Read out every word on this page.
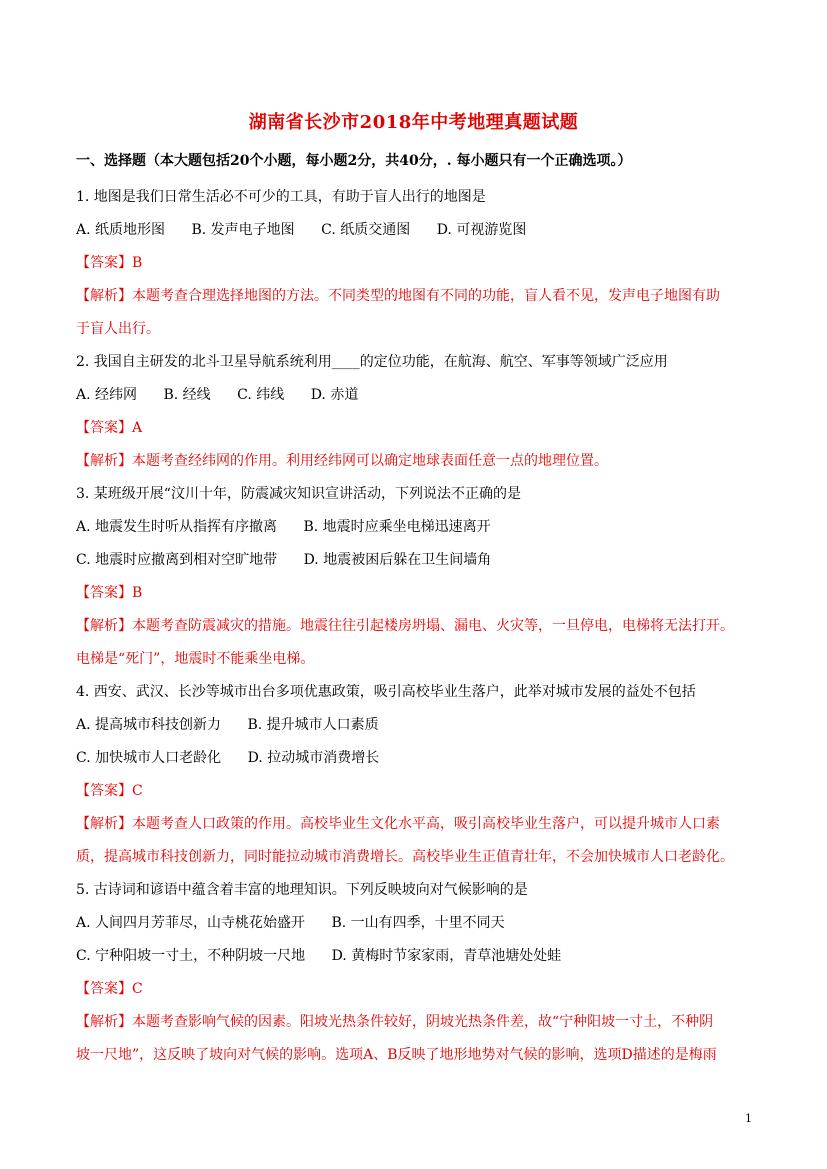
湖南省长沙市2018年中考地理真题试题
一、选择题（本大题包括20个小题，每小题2分，共40分，. 每小题只有一个正确选项。）
1. 地图是我们日常生活必不可少的工具，有助于盲人出行的地图是
A. 纸质地形图 B. 发声电子地图 C. 纸质交通图 D. 可视游览图
【答案】B
【解析】本题考查合理选择地图的方法。不同类型的地图有不同的功能，盲人看不见，发声电子地图有助
于盲人出行。
2. 我国自主研发的北斗卫星导航系统利用____的定位功能，在航海、航空、军事等领域广泛应用
A. 经纬网 B. 经线 C. 纬线 D. 赤道
【答案】A
【解析】本题考查经纬网的作用。利用经纬网可以确定地球表面任意一点的地理位置。
3. 某班级开展“汶川十年，防震减灾知识宣讲活动，下列说法不正确的是
A. 地震发生时听从指挥有序撤离 B. 地震时应乘坐电梯迅速离开
C. 地震时应撤离到相对空旷地带 D. 地震被困后躲在卫生间墙角
【答案】B
【解析】本题考查防震减灾的措施。地震往往引起楼房坍塌、漏电、火灾等，一旦停电，电梯将无法打开。
电梯是“死门”，地震时不能乘坐电梯。
4. 西安、武汉、长沙等城市出台多项优惠政策，吸引高校毕业生落户，此举对城市发展的益处不包括
A. 提高城市科技创新力 B. 提升城市人口素质
C. 加快城市人口老龄化 D. 拉动城市消费增长
【答案】C
【解析】本题考查人口政策的作用。高校毕业生文化水平高，吸引高校毕业生落户，可以提升城市人口素
质，提高城市科技创新力，同时能拉动城市消费增长。高校毕业生正值青壮年，不会加快城市人口老龄化。
5. 古诗词和谚语中蕴含着丰富的地理知识。下列反映坡向对气候影响的是
A. 人间四月芳菲尽，山寺桃花始盛开 B. 一山有四季，十里不同天
C. 宁种阳坡一寸土，不种阴坡一尺地 D. 黄梅时节家家雨，青草池塘处处蛙
【答案】C
【解析】本题考查影响气候的因素。阳坡光热条件较好，阴坡光热条件差，故“宁种阳坡一寸土，不种阴
坡一尺地”，这反映了坡向对气候的影响。选项A、B反映了地形地势对气候的影响，选项D描述的是梅雨
1
